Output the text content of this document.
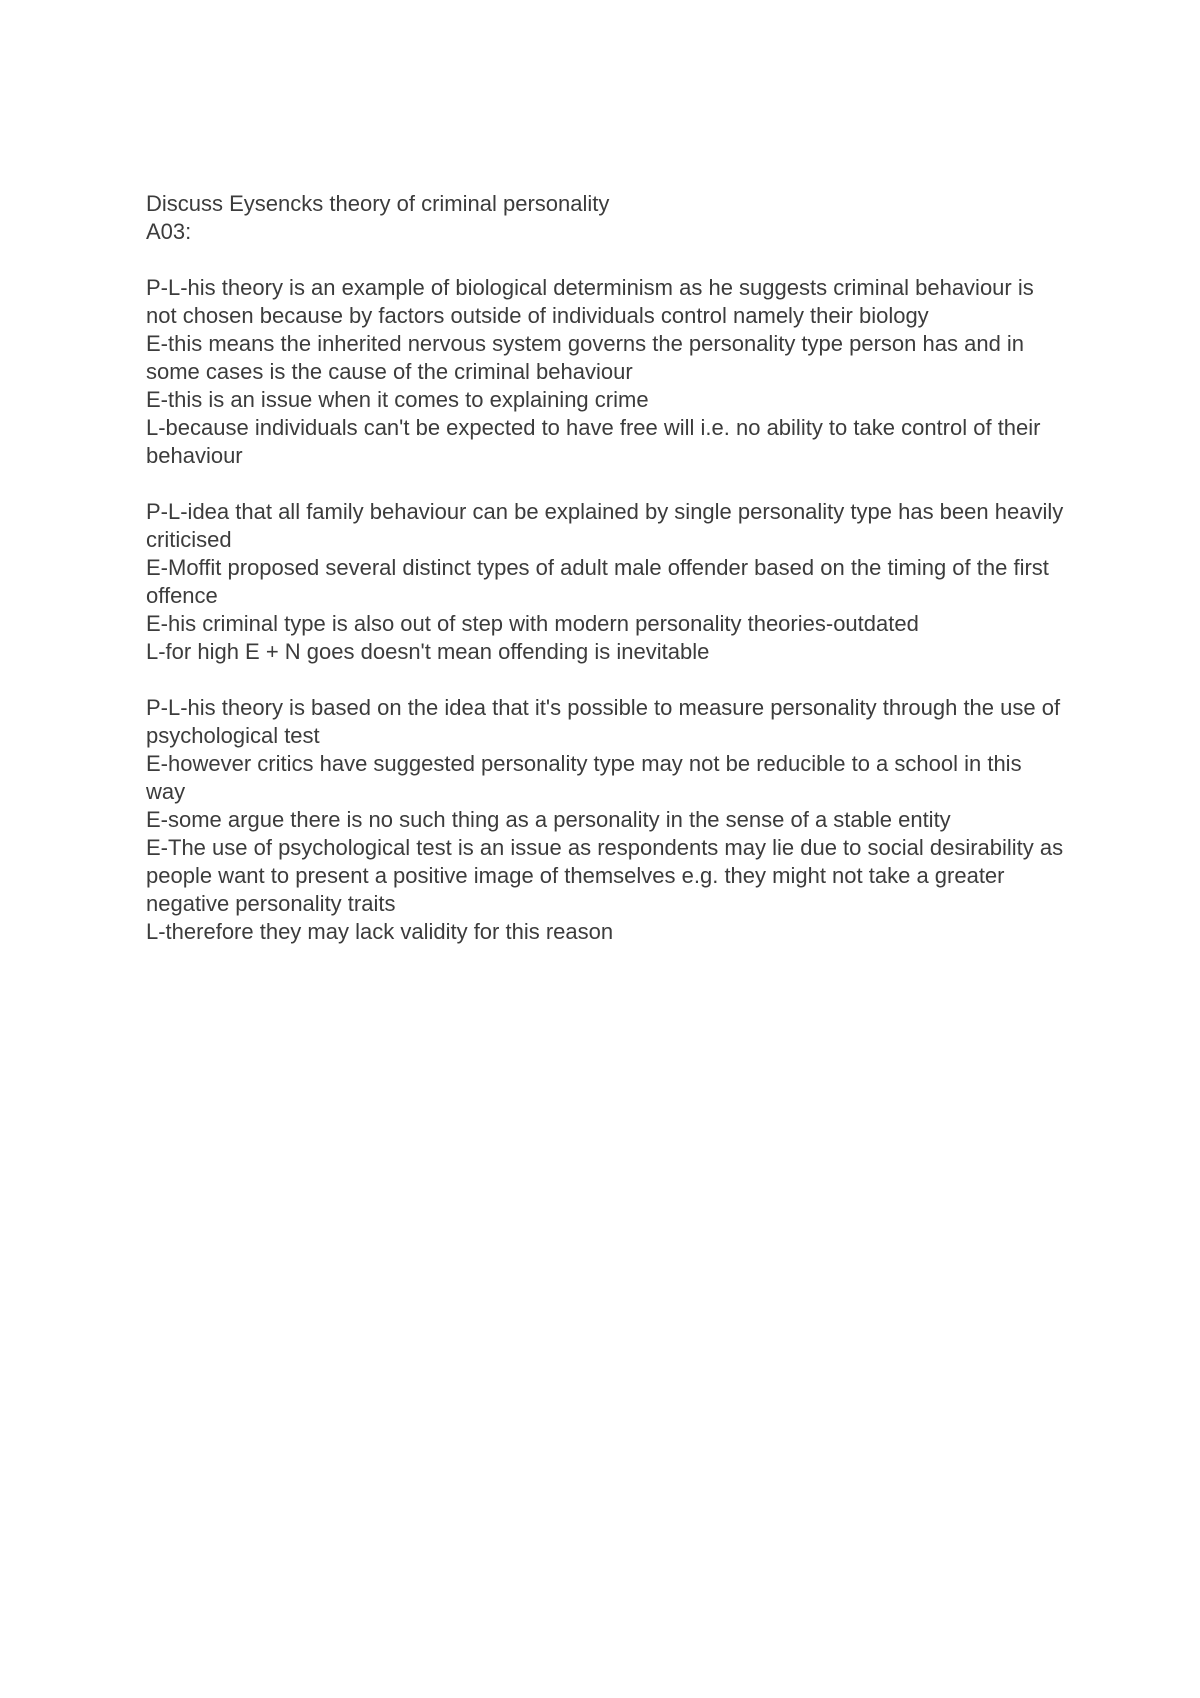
Discuss Eysencks theory of criminal personality
A03:
P-L-his theory is an example of biological determinism as he suggests criminal behaviour is not chosen because by factors outside of individuals control namely their biology
E-this means the inherited nervous system governs the personality type person has and in some cases is the cause of the criminal behaviour
E-this is an issue when it comes to explaining crime
L-because individuals can't be expected to have free will i.e. no ability to take control of their behaviour
P-L-idea that all family behaviour can be explained by single personality type has been heavily criticised
E-Moffit proposed several distinct types of adult male offender based on the timing of the first offence
E-his criminal type is also out of step with modern personality theories-outdated
L-for high E + N goes doesn't mean offending is inevitable
P-L-his theory is based on the idea that it's possible to measure personality through the use of psychological test
E-however critics have suggested personality type may not be reducible to a school in this way
E-some argue there is no such thing as a personality in the sense of a stable entity
E-The use of psychological test is an issue as respondents may lie due to social desirability as people want to present a positive image of themselves e.g. they might not take a greater negative personality traits
L-therefore they may lack validity for this reason
